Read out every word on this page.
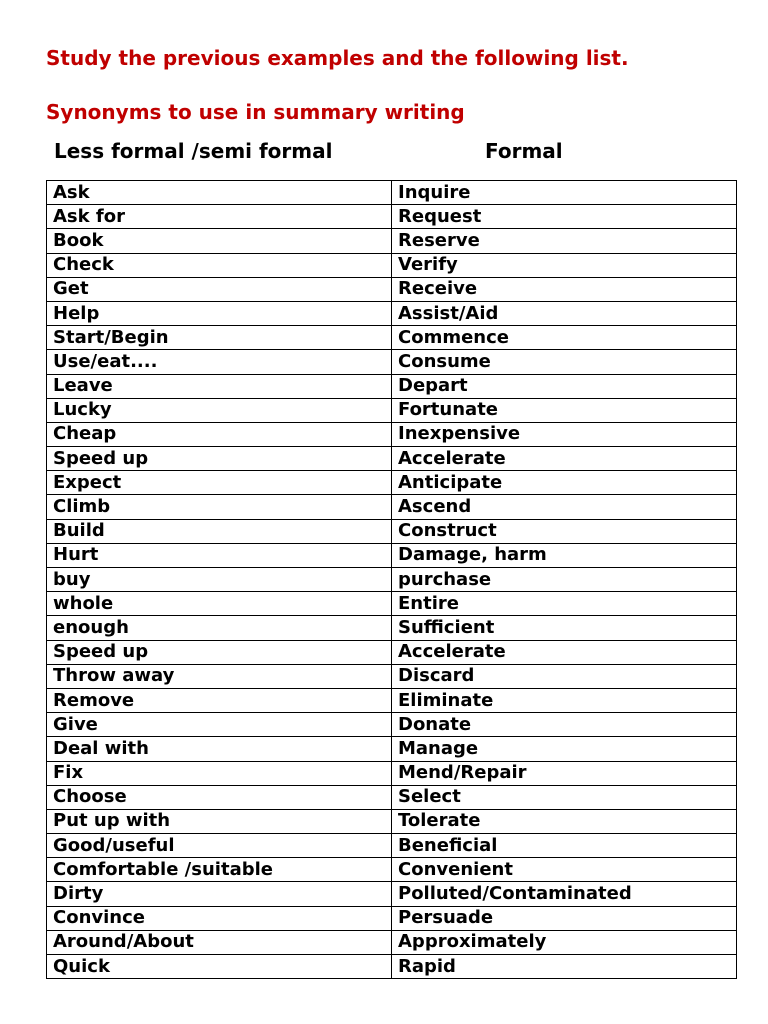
Study the previous examples and the following list.
Synonyms to use in summary writing
Less formal /semi formal	Formal
Ask	Inquire
Ask for	Request
Book	Reserve
Check	Verify
Get	Receive
Help	Assist/Aid
Start/Begin	Commence
Use/eat....	Consume
Leave	Depart
Lucky	Fortunate
Cheap	Inexpensive
Speed up	Accelerate
Expect	Anticipate
Climb	Ascend
Build	Construct
Hurt	Damage, harm
buy	purchase
whole	Entire
enough	Sufficient
Speed up	Accelerate
Throw away	Discard
Remove	Eliminate
Give	Donate
Deal with	Manage
Fix	Mend/Repair
Choose	Select
Put up with	Tolerate
Good/useful	Beneficial
Comfortable /suitable	Convenient
Dirty	Polluted/Contaminated
Convince	Persuade
Around/About	Approximately
Quick	Rapid
